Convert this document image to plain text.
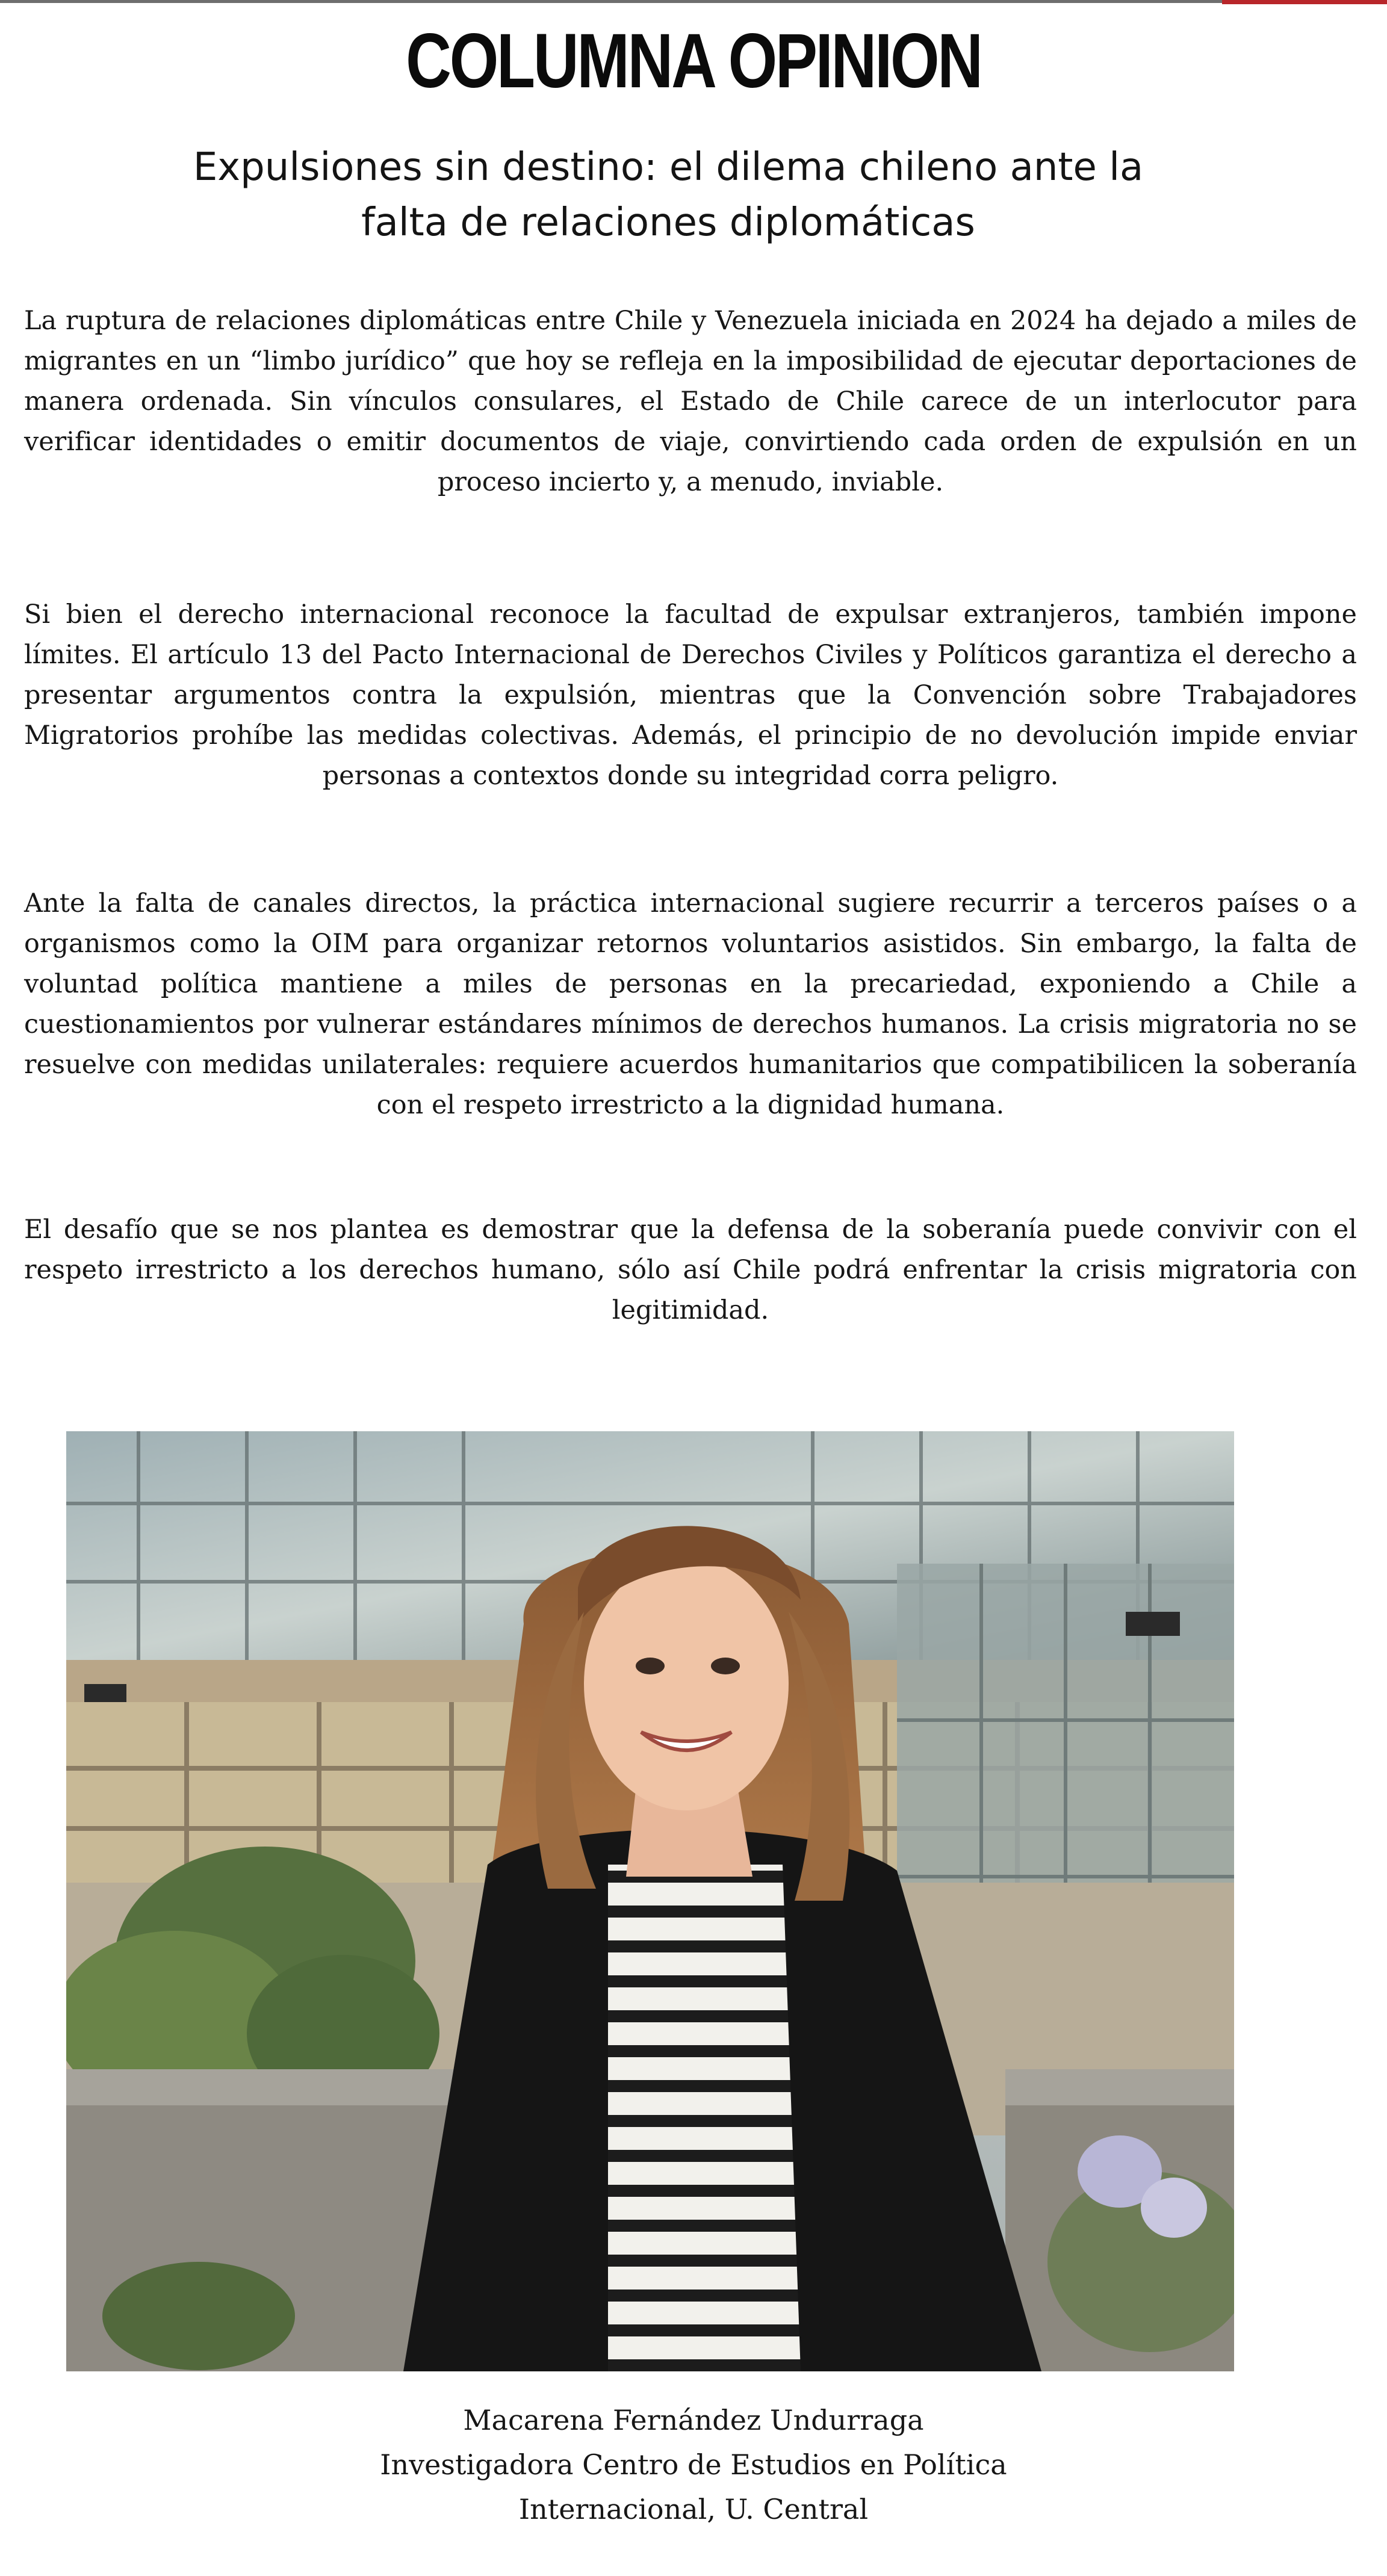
COLUMNA OPINION
Expulsiones sin destino: el dilema chileno ante la
falta de relaciones diplomáticas

La ruptura de relaciones diplomáticas entre Chile y Venezuela iniciada en 2024 ha dejado a miles de migrantes en un “limbo jurídico” que hoy se refleja en la imposibilidad de ejecutar deportaciones de manera ordenada. Sin vínculos consulares, el Estado de Chile carece de un interlocutor para verificar identidades o emitir documentos de viaje, convirtiendo cada orden de expulsión en un proceso incierto y, a menudo, inviable.

Si bien el derecho internacional reconoce la facultad de expulsar extranjeros, también impone límites. El artículo 13 del Pacto Internacional de Derechos Civiles y Políticos garantiza el derecho a presentar argumentos contra la expulsión, mientras que la Convención sobre Trabajadores Migratorios prohíbe las medidas colectivas. Además, el principio de no devolución impide enviar personas a contextos donde su integridad corra peligro.

Ante la falta de canales directos, la práctica internacional sugiere recurrir a terceros países o a organismos como la OIM para organizar retornos voluntarios asistidos. Sin embargo, la falta de voluntad política mantiene a miles de personas en la precariedad, exponiendo a Chile a cuestionamientos por vulnerar estándares mínimos de derechos humanos. La crisis migratoria no se resuelve con medidas unilaterales: requiere acuerdos humanitarios que compatibilicen la soberanía con el respeto irrestricto a la dignidad humana.

El desafío que se nos plantea es demostrar que la defensa de la soberanía puede convivir con el respeto irrestricto a los derechos humano, sólo así Chile podrá enfrentar la crisis migratoria con legitimidad.

Macarena Fernández Undurraga
Investigadora Centro de Estudios en Política
Internacional, U. Central
